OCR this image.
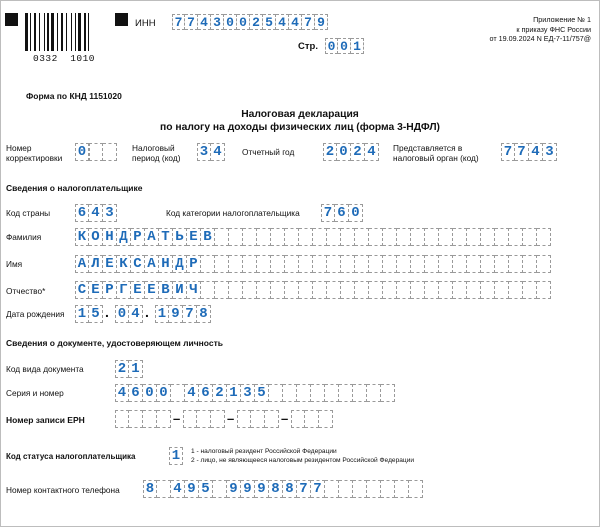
0332  1010
ИНН 7 7 4 3 0 0 2 5 4 4 7 9
Стр. 0 0 1
Приложение № 1
к приказу ФНС России
от 19.09.2024 N ЕД-7-11/757@
Форма по КНД 1151020
Налоговая декларация
по налогу на доходы физических лиц (форма 3-НДФЛ)
Номер
корректировки 0	Налоговый
период (код) 3 4	Отчетный год 2 0 2 4	Представляется в
налоговый орган (код) 7 7 4 3
Сведения о налогоплательщике
Код страны 6 4 3	Код категории налогоплательщика 7 6 0
Фамилия	К О Н Д Р А Т Ь Е В
Имя	А Л Е К С А Н Д Р
Отчество* С Е Р Г Е Е В И Ч
Дата рождения 1 5 . 0 4 . 1 9 7 8
Сведения о документе, удостоверяющем личность
Код вида документа 2 1
Серия и номер	4 6 0 0 4 6 2 1 3 5
Номер записи ЕРН	–	–	–
Код статуса налогоплательщика	1	1 - налоговый резидент Российской Федерации
2 - лицо, не являющееся налоговым резидентом Российской Федерации
Номер контактного телефона 8 4 9 5 9 9 9 8 8 7 7
